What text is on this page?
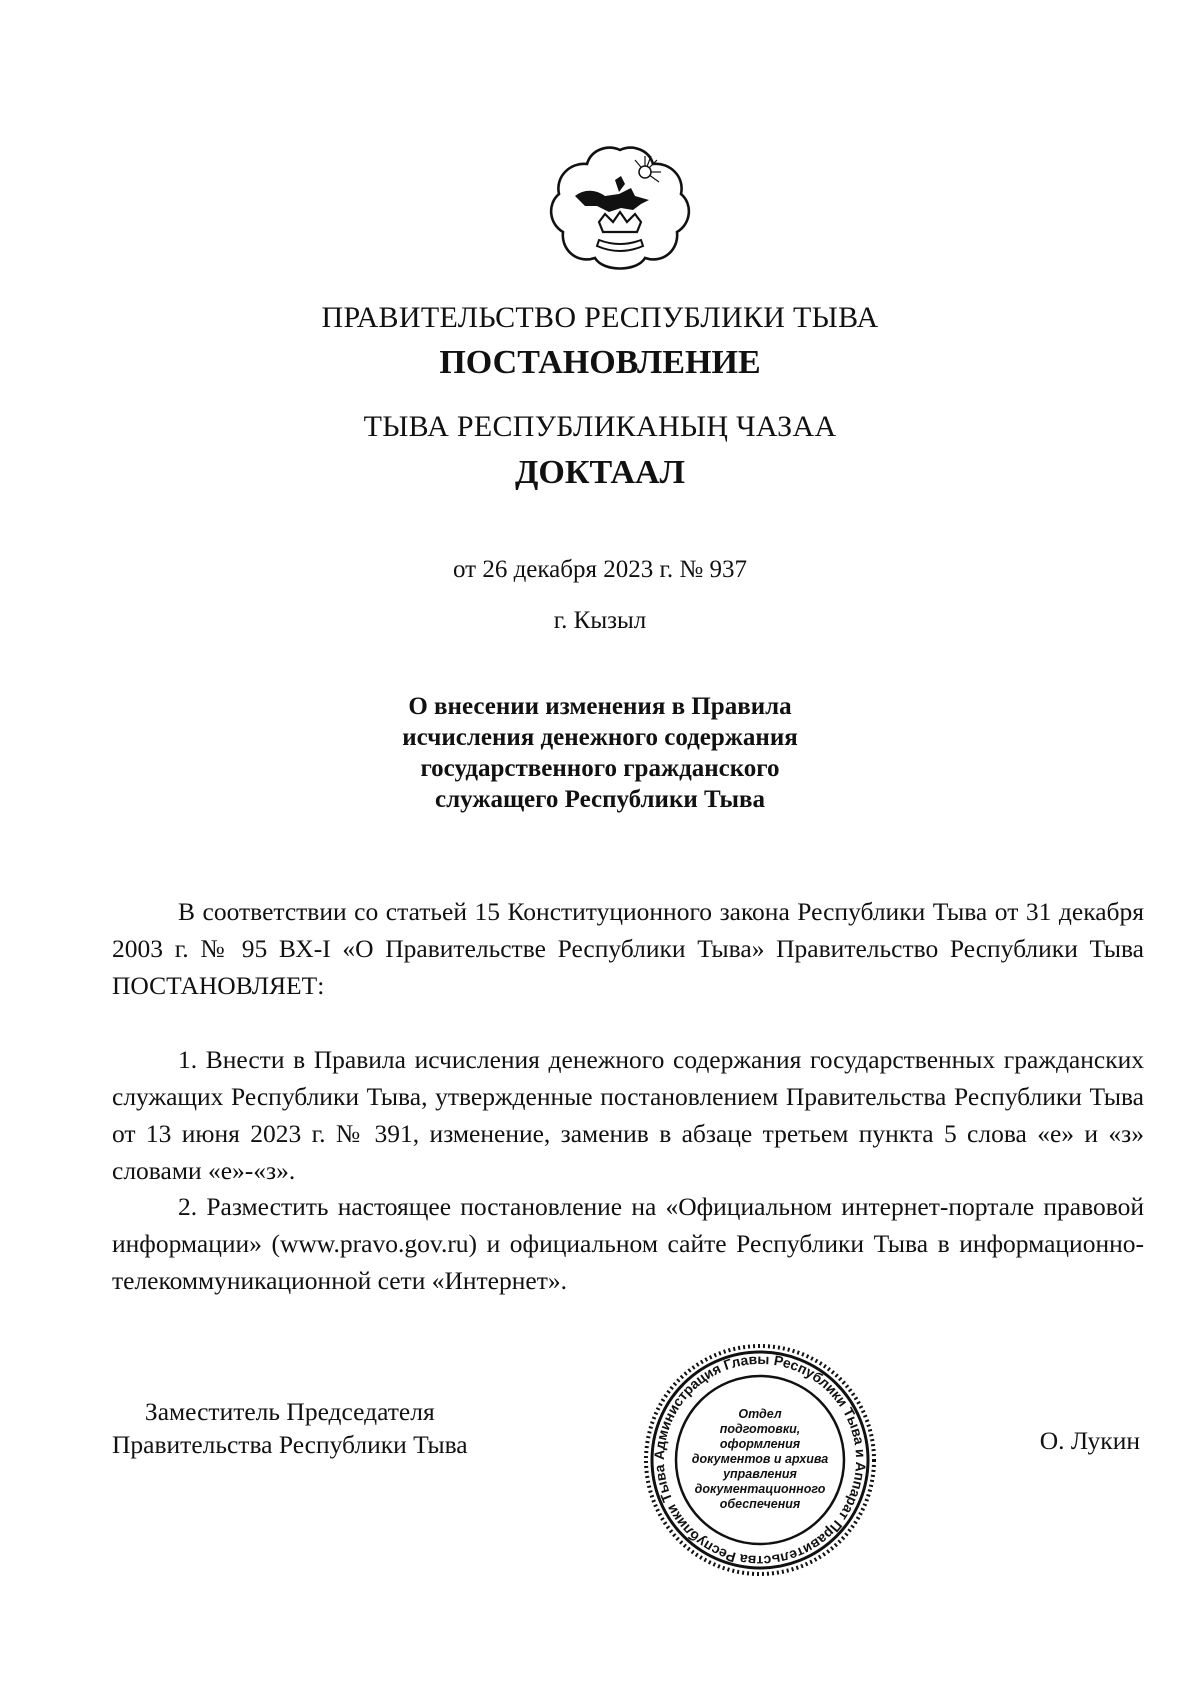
ПРАВИТЕЛЬСТВО РЕСПУБЛИКИ ТЫВА
ПОСТАНОВЛЕНИЕ
ТЫВА РЕСПУБЛИКАНЫҢ ЧАЗАА
ДОКТААЛ
от 26 декабря 2023 г. № 937
г. Кызыл
О внесении изменения в Правила
исчисления денежного содержания
государственного гражданского
служащего Республики Тыва

В соответствии со статьей 15 Конституционного закона Республики Тыва от 31 декабря 2003 г. № 95 ВХ-I «О Правительстве Республики Тыва» Правительство Республики Тыва ПОСТАНОВЛЯЕТ:

1. Внести в Правила исчисления денежного содержания государственных гражданских служащих Республики Тыва, утвержденные постановлением Правительства Республики Тыва от 13 июня 2023 г. № 391, изменение, заменив в абзаце третьем пункта 5 слова «е» и «з» словами «е»-«з».

2. Разместить настоящее постановление на «Официальном интернет-портале правовой информации» (www.pravo.gov.ru) и официальном сайте Республики Тыва в информационно-телекоммуникационной сети «Интернет».

Заместитель Председателя
Правительства Республики Тыва	Администрация Главы Республики Тыва и Аппарат Правительства Республики Тыва
Отдел
подготовки,
оформления
документов и архива
управления
документационного
обеспечения
О. Лукин
